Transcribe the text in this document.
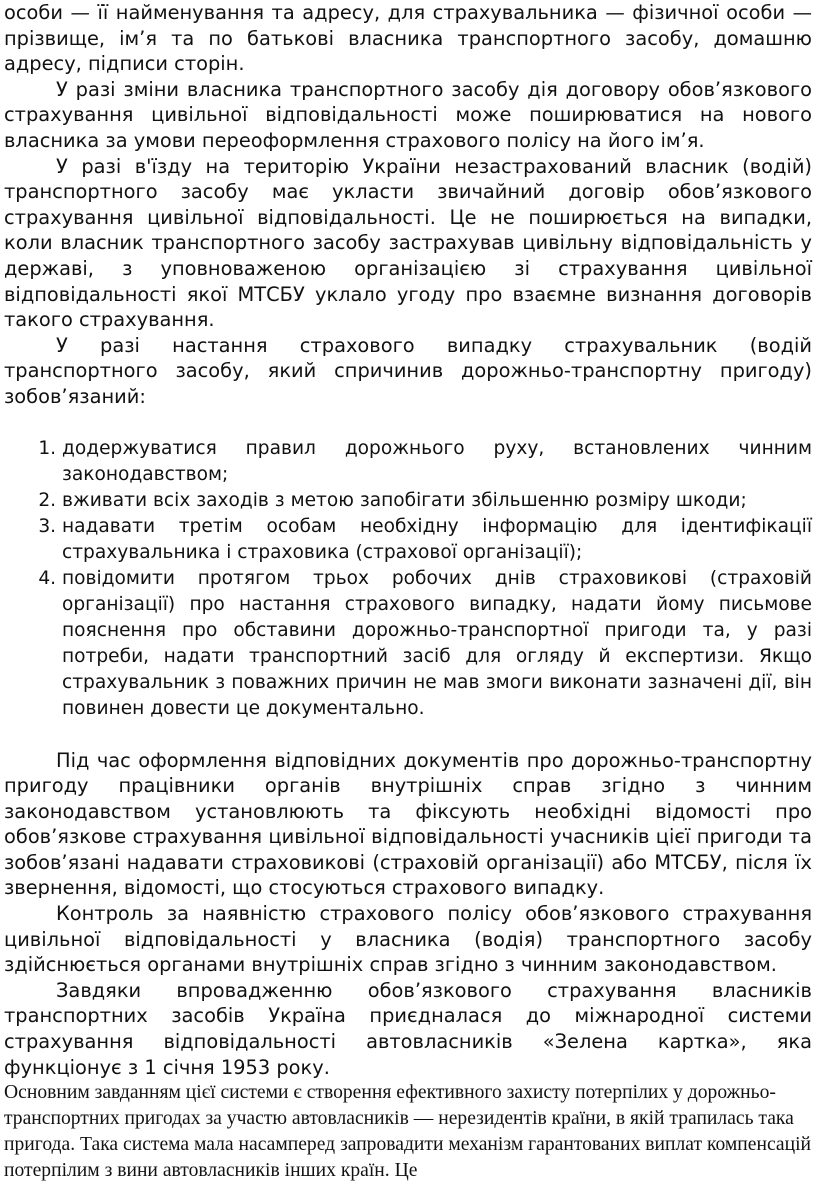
особи — її найменування та адресу, для страхувальника — фізичної особи — прізвище, ім’я та по батькові власника транспортного засобу, домашню адресу, підписи сторін.

У разі зміни власника транспортного засобу дія договору обов’язкового страхування цивільної відповідальності може поширюватися на нового власника за умови переоформлення страхового полісу на його ім’я.

У разі в'їзду на територію України незастрахований власник (водій) транспортного засобу має укласти звичайний договір обов’язкового страхування цивільної відповідальності. Це не поширюється на випадки, коли власник транспортного засобу застрахував цивільну відповідальність у державі, з уповноваженою організацією зі страхування цивільної відповідальності якої МТСБУ уклало угоду про взаємне визнання договорів такого страхування.

У разі настання страхового випадку страхувальник (водій транспортного засобу, який спричинив дорожньо-транспортну пригоду) зобов’язаний:

1. додержуватися правил дорожнього руху, встановлених чинним законодавством;
2. вживати всіх заходів з метою запобігати збільшенню розміру шкоди;
3. надавати третім особам необхідну інформацію для ідентифікації страхувальника і страховика (страхової організації);
4. повідомити протягом трьох робочих днів страховикові (страховій організації) про настання страхового випадку, надати йому письмове пояснення про обставини дорожньо-транспортної пригоди та, у разі потреби, надати транспортний засіб для огляду й експертизи. Якщо страхувальник з поважних причин не мав змоги виконати зазначені дії, він повинен довести це документально.

Під час оформлення відповідних документів про дорожньо-транспортну пригоду працівники органів внутрішніх справ згідно з чинним законодавством установлюють та фіксують необхідні відомості про обов’язкове страхування цивільної відповідальності учасників цієї пригоди та зобов’язані надавати страховикові (страховій організації) або МТСБУ, після їх звернення, відомості, що стосуються страхового випадку.

Контроль за наявністю страхового полісу обов’язкового страхування цивільної відповідальності у власника (водія) транспортного засобу здійснюється органами внутрішніх справ згідно з чинним законодавством.

Завдяки впровадженню обов’язкового страхування власників транспортних засобів Україна приєдналася до міжнародної системи страхування відповідальності автовласників «Зелена картка», яка функціонує з 1 січня 1953 року.

Основним завданням цієї системи є створення ефективного захисту потерпілих у дорожньо-транспортних пригодах за участю автовласників — нерезидентів країни, в якій трапилась така пригода. Така система мала насамперед запровадити механізм гарантованих виплат компенсацій потерпілим з вини автовласників інших країн. Це
